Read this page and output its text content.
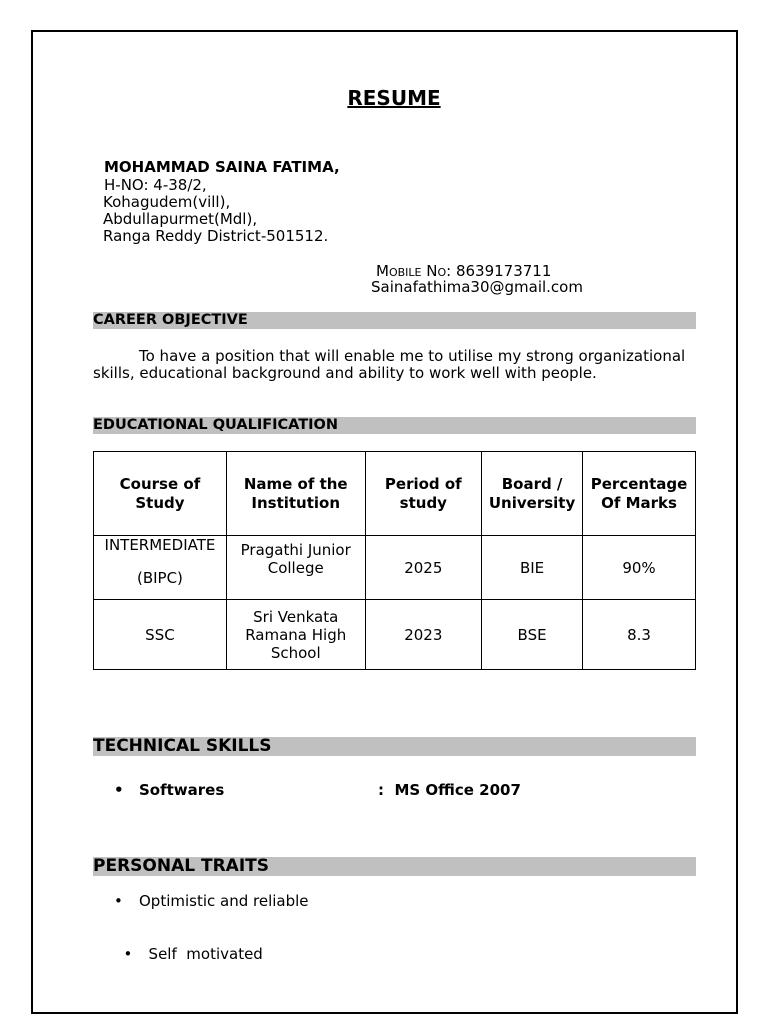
RESUME
MOHAMMAD SAINA FATIMA,
H-NO: 4-38/2,
Kohagudem(vill),
Abdullapurmet(Mdl),
Ranga Reddy District-501512.
Mobile No: 8639173711
Sainafathima30@gmail.com
CAREER OBJECTIVE
To have a position that will enable me to utilise my strong organizational skills, educational background and ability to work well with people.
EDUCATIONAL QUALIFICATION
Course of Study	Name of the Institution	Period of study	Board / University	Percentage Of Marks

INTERMEDIATE
(BIPC)	Pragathi Junior College	2025	BIE	90%
SSC	Sri Venkata Ramana High School	2023	BSE	8.3
TECHNICAL SKILLS
• Softwares	: MS Office 2007
PERSONAL TRAITS
• Optimistic and reliable

• Self  motivated
